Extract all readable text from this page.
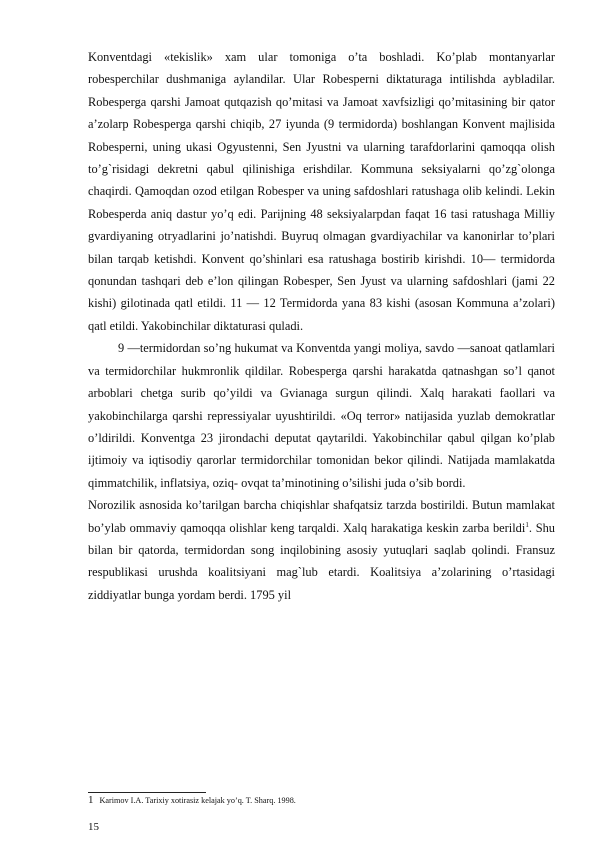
Konventdagi «tekislik» xam ular tomoniga o’ta boshladi. Ko’plab montanyarlar robesperchilar dushmaniga aylandilar. Ular Robesperni diktaturaga intilishda aybladilar. Robesperga qarshi Jamoat qutqazish qo’mitasi va Jamoat xavfsizligi qo’mitasining bir qator a’zolarp Robesperga qarshi chiqib, 27 iyunda (9 termidorda) boshlangan Konvent majlisida Robesperni, uning ukasi Ogyustenni, Sen Jyustni va ularning tarafdorlarini qamoqqa olish to’g`risidagi dekretni qabul qilinishiga erishdilar. Kommuna seksiyalarni qo’zg`olonga chaqirdi. Qamoqdan ozod etilgan Robesper va uning safdoshlari ratushaga olib kelindi. Lekin Robesperda aniq dastur yo’q edi. Parijning 48 seksiyalarpdan faqat 16 tasi ratushaga Milliy gvardiyaning otryadlarini jo’natishdi. Buyruq olmagan gvardiyachilar va kanonirlar to’plari bilan tarqab ketishdi. Konvent qo’shinlari esa ratushaga bostirib kirishdi. 10— termidorda qonundan tashqari deb e’lon qilingan Robesper, Sen Jyust va ularning safdoshlari (jami 22 kishi) gilotinada qatl etildi. 11 — 12 Termidorda yana 83 kishi (asosan Kommuna a’zolari) qatl etildi. Yakobinchilar diktaturasi quladi.

9 —termidordan so’ng hukumat va Konventda yangi moliya, savdo —sanoat qatlamlari va termidorchilar hukmronlik qildilar. Robesperga qarshi harakatda qatnashgan so’l qanot arboblari chetga surib qo’yildi va Gvianaga surgun qilindi. Xalq harakati faollari va yakobinchilarga qarshi repressiyalar uyushtirildi. «Oq terror» natijasida yuzlab demokratlar o’ldirildi. Konventga 23 jirondachi deputat qaytarildi. Yakobinchilar qabul qilgan ko’plab ijtimoiy va iqtisodiy qarorlar termidorchilar tomonidan bekor qilindi. Natijada mamlakatda qimmatchilik, inflatsiya, oziq- ovqat ta’minotining o’silishi juda o’sib bordi.

Norozilik asnosida ko’tarilgan barcha chiqishlar shafqatsiz tarzda bostirildi. Butun mamlakat bo’ylab ommaviy qamoqqa olishlar keng tarqaldi. Xalq harakatiga keskin zarba berildi$^1$. Shu bilan bir qatorda, termidordan song inqilobining asosiy yutuqlari saqlab qolindi. Fransuz respublikasi urushda koalitsiyani mag`lub etardi. Koalitsiya a’zolarining o’rtasidagi ziddiyatlar bunga yordam berdi. 1795 yil

1 Karimov I.A. Tarixiy xotirasiz kelajak yo’q. T. Sharq. 1998.
15
